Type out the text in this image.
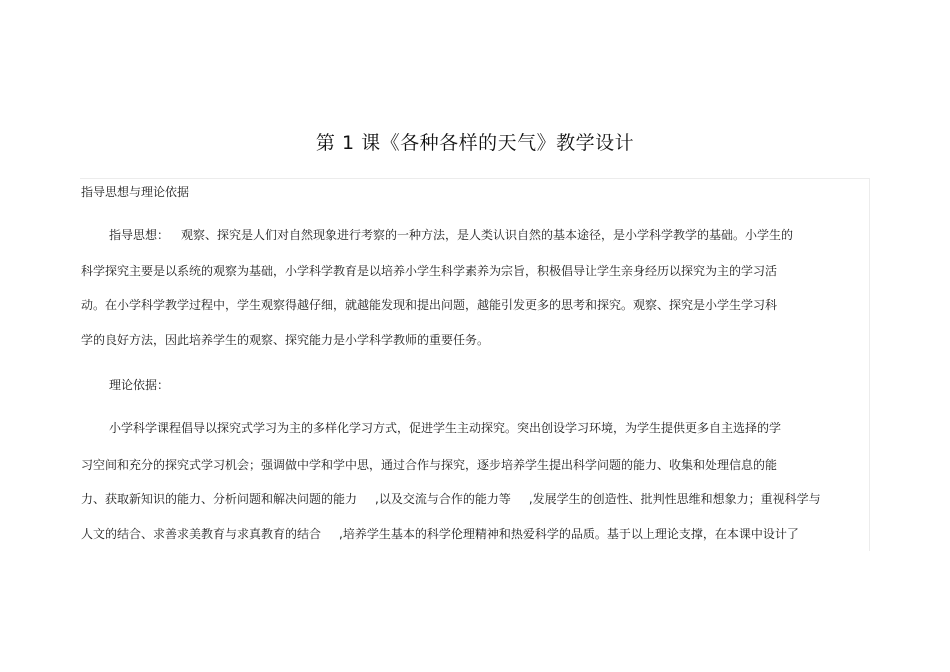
第 1 课《各种各样的天气》教学设计
指导思想与理论依据
指导思想： 观察、探究是人们对自然现象进行考察的一种方法，是人类认识自然的基本途径，是小学科学教学的基础。小学生的
科学探究主要是以系统的观察为基础，小学科学教育是以培养小学生科学素养为宗旨，积极倡导让学生亲身经历以探究为主的学习活
动。在小学科学教学过程中，学生观察得越仔细，就越能发现和提出问题，越能引发更多的思考和探究。观察、探究是小学生学习科
学的良好方法，因此培养学生的观察、探究能力是小学科学教师的重要任务。
理论依据：
小学科学课程倡导以探究式学习为主的多样化学习方式，促进学生主动探究。突出创设学习环境，为学生提供更多自主选择的学
习空间和充分的探究式学习机会；强调做中学和学中思，通过合作与探究，逐步培养学生提出科学问题的能力、收集和处理信息的能
力、获取新知识的能力、分析问题和解决问题的能力 ,以及交流与合作的能力等 ,发展学生的创造性、批判性思维和想象力；重视科学与
人文的结合、求善求美教育与求真教育的结合 ,培养学生基本的科学伦理精神和热爱科学的品质。基于以上理论支撑，在本课中设计了
